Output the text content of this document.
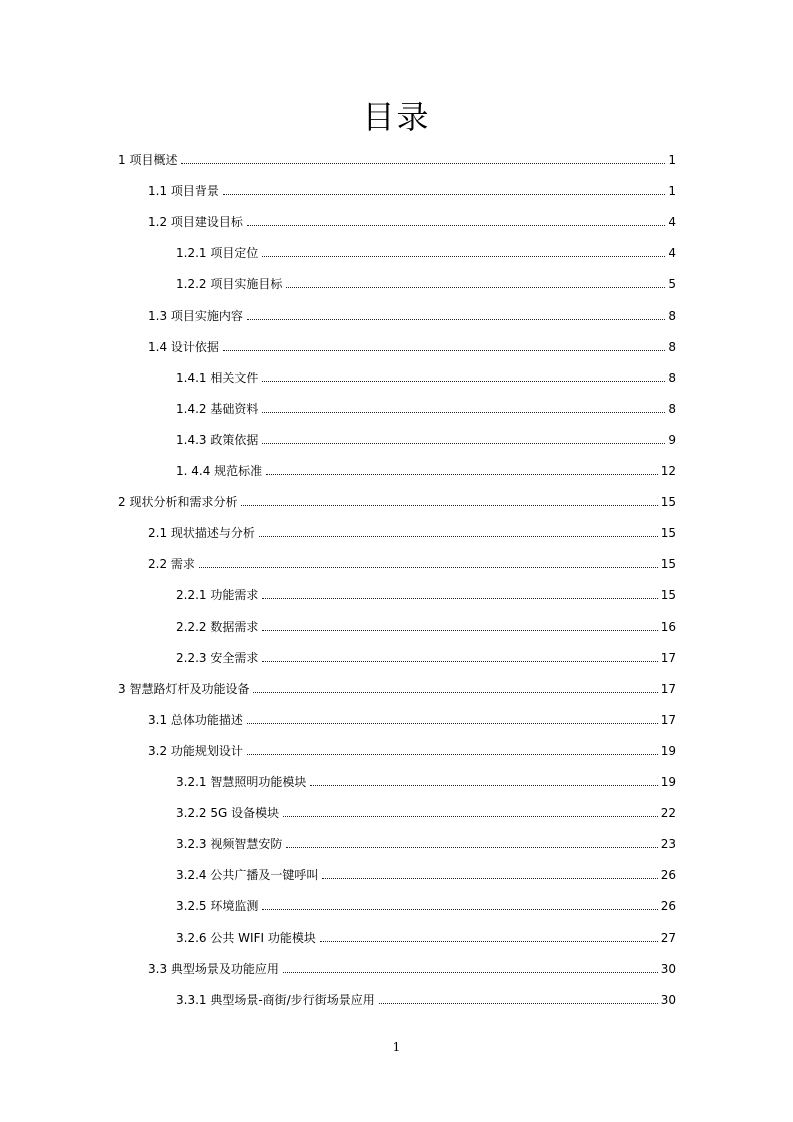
目录
1 项目概述	1
1.1 项目背景	1
1.2 项目建设目标	4
1.2.1 项目定位	4
1.2.2 项目实施目标	5
1.3 项目实施内容	8
1.4 设计依据	8
1.4.1 相关文件	8
1.4.2 基础资料	8
1.4.3 政策依据	9
1. 4.4 规范标准	12
2 现状分析和需求分析	15
2.1 现状描述与分析	15
2.2 需求	15
2.2.1 功能需求	15
2.2.2 数据需求	16
2.2.3 安全需求	17
3 智慧路灯杆及功能设备	17
3.1 总体功能描述	17
3.2 功能规划设计	19
3.2.1 智慧照明功能模块	19
3.2.2 5G 设备模块	22
3.2.3 视频智慧安防	23
3.2.4 公共广播及一键呼叫	26
3.2.5 环境监测	26
3.2.6 公共 WIFI 功能模块	27
3.3 典型场景及功能应用	30
3.3.1 典型场景-商街/步行街场景应用	30
1
